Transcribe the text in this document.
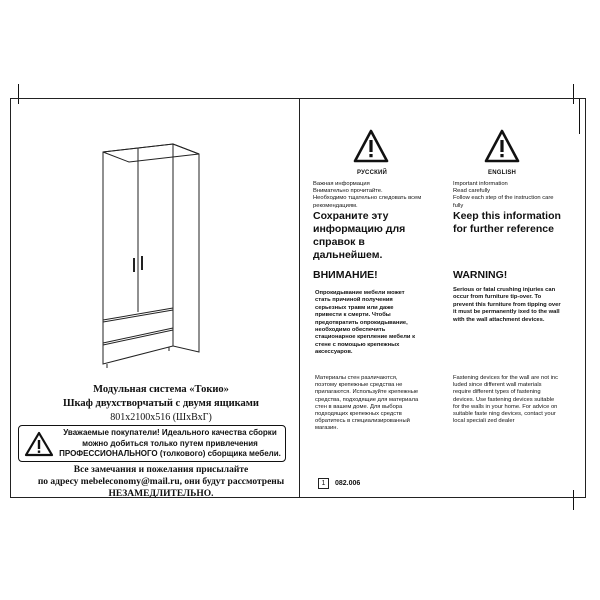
Модульная система «Токио»
Шкаф двухстворчатый с двумя ящиками
801x2100x516 (ШхВхГ)
Уважаемые покупатели! Идеального качества сборки можно добиться только путем привлечения ПРОФЕССИОНАЛЬНОГО (толкового) сборщика мебели.
Все замечания и пожелания присылайте
по адресу mebeleconomy@mail.ru, они будут рассмотрены
НЕЗАМЕДЛИТЕЛЬНО.
РУССКИЙ
Важная информация
Внимательно прочитайте.
Необходимо тщательно следовать всем рекомендациям.
Сохраните эту информацию для справок в дальнейшем.
ВНИМАНИЕ!
Опрокидывание мебели может стать причиной получения серьезных травм или даже привести к смерти. Чтобы предотвратить опрокидывание, необходимо обеспечить стационарное крепление мебели к стене с помощью крепежных аксессуаров.
Материалы стен различаются, поэтому крепежные средства не прилагаются. Используйте крепежные средства, подходящие для материала стен в вашем доме. Для выбора подходящих крепежных средств обратитесь в специализированный магазин.
ENGLISH
Important information
Read carefully
Follow each step of the instruction care fully
Keep this information for further reference
WARNING!
Serious or fatal crushing injuries can occur from furniture tip-over. To prevent this furniture from tipping over it must be permanently ixed to the wall with the wall attachment devices.
Fastening devices for the wall are not inc luded since different wall materials require different types of fastening devices. Use fastening devices suitable for the walls in your home. For advice on suitable faste ning devices, contact your local speciali zed dealer
1	082.006
